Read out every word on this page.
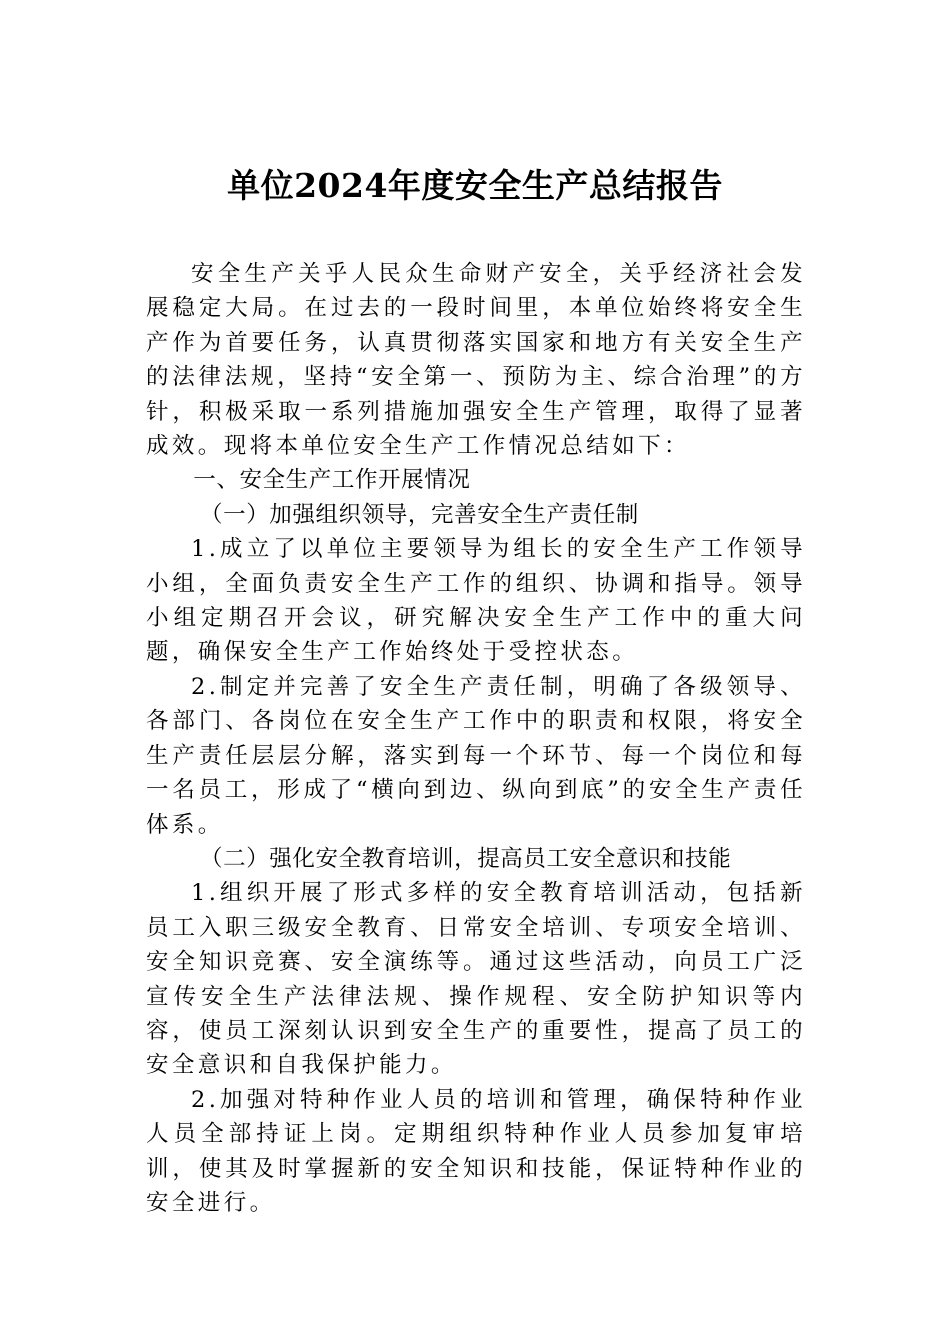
单位2024年度安全生产总结报告

安全生产关乎人民众生命财产安全，关乎经济社会发展稳定大局。在过去的一段时间里，本单位始终将安全生产作为首要任务，认真贯彻落实国家和地方有关安全生产的法律法规，坚持“安全第一、预防为主、综合治理”的方针，积极采取一系列措施加强安全生产管理，取得了显著成效。现将本单位安全生产工作情况总结如下：

一、安全生产工作开展情况
（一）加强组织领导，完善安全生产责任制

1.成立了以单位主要领导为组长的安全生产工作领导小组，全面负责安全生产工作的组织、协调和指导。领导小组定期召开会议，研究解决安全生产工作中的重大问题，确保安全生产工作始终处于受控状态。

2.制定并完善了安全生产责任制，明确了各级领导、各部门、各岗位在安全生产工作中的职责和权限，将安全生产责任层层分解，落实到每一个环节、每一个岗位和每一名员工，形成了“横向到边、纵向到底”的安全生产责任体系。

（二）强化安全教育培训，提高员工安全意识和技能

1.组织开展了形式多样的安全教育培训活动，包括新员工入职三级安全教育、日常安全培训、专项安全培训、安全知识竞赛、安全演练等。通过这些活动，向员工广泛宣传安全生产法律法规、操作规程、安全防护知识等内容，使员工深刻认识到安全生产的重要性，提高了员工的安全意识和自我保护能力。

2.加强对特种作业人员的培训和管理，确保特种作业人员全部持证上岗。定期组织特种作业人员参加复审培训，使其及时掌握新的安全知识和技能，保证特种作业的安全进行。
